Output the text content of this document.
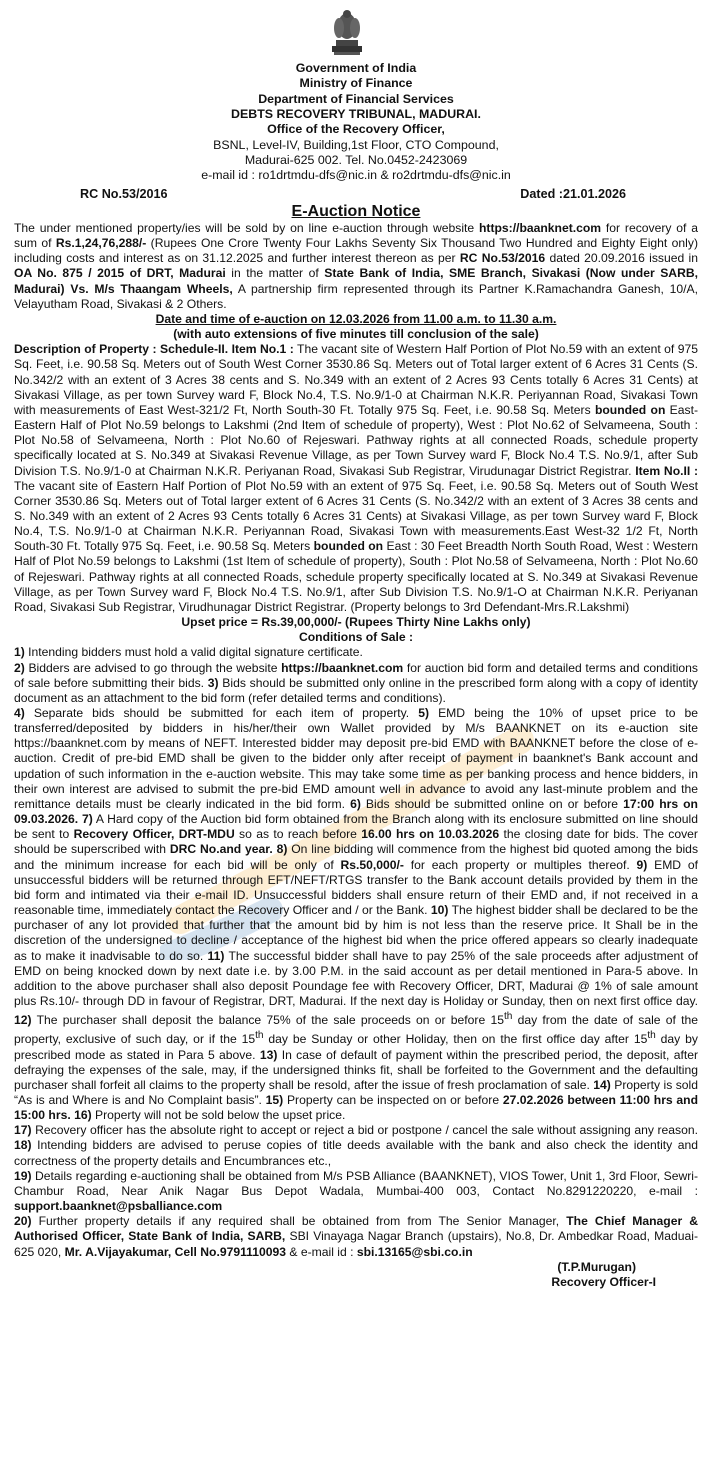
Government of India
Ministry of Finance
Department of Financial Services
DEBTS RECOVERY TRIBUNAL, MADURAI.
Office of the Recovery Officer,
BSNL, Level-IV, Building,1st Floor, CTO Compound,
Madurai-625 002. Tel. No.0452-2423069
e-mail id : ro1drtmdu-dfs@nic.in & ro2drtmdu-dfs@nic.in
RC No.53/2016	Dated :21.01.2026
E-Auction Notice

The under mentioned property/ies will be sold by on line e-auction through website https://baanknet.com for recovery of a sum of Rs.1,24,76,288/- (Rupees One Crore Twenty Four Lakhs Seventy Six Thousand Two Hundred and Eighty Eight only) including costs and interest as on 31.12.2025 and further interest thereon as per RC No.53/2016 dated 20.09.2016 issued in OA No. 875 / 2015 of DRT, Madurai in the matter of State Bank of India, SME Branch, Sivakasi (Now under SARB, Madurai) Vs. M/s Thaangam Wheels, A partnership firm represented through its Partner K.Ramachandra Ganesh, 10/A, Velayutham Road, Sivakasi & 2 Others.

Date and time of e-auction on 12.03.2026 from 11.00 a.m. to 11.30 a.m.

(with auto extensions of five minutes till conclusion of the sale)

Description of Property : Schedule-II. Item No.1 : The vacant site of Western Half Portion of Plot No.59 with an extent of 975 Sq. Feet, i.e. 90.58 Sq. Meters out of South West Corner 3530.86 Sq. Meters out of Total larger extent of 6 Acres 31 Cents (S. No.342/2 with an extent of 3 Acres 38 cents and S. No.349 with an extent of 2 Acres 93 Cents totally 6 Acres 31 Cents) at Sivakasi Village, as per town Survey ward F, Block No.4, T.S. No.9/1-0 at Chairman N.K.R. Periyannan Road, Sivakasi Town with measurements of East West-321/2 Ft, North South-30 Ft. Totally 975 Sq. Feet, i.e. 90.58 Sq. Meters bounded on East-Eastern Half of Plot No.59 belongs to Lakshmi (2nd Item of schedule of property), West : Plot No.62 of Selvameena, South : Plot No.58 of Selvameena, North : Plot No.60 of Rejeswari. Pathway rights at all connected Roads, schedule property specifically located at S. No.349 at Sivakasi Revenue Village, as per Town Survey ward F, Block No.4 T.S. No.9/1, after Sub Division T.S. No.9/1-0 at Chairman N.K.R. Periyanan Road, Sivakasi Sub Registrar, Virudunagar District Registrar. Item No.II : The vacant site of Eastern Half Portion of Plot No.59 with an extent of 975 Sq. Feet, i.e. 90.58 Sq. Meters out of South West Corner 3530.86 Sq. Meters out of Total larger extent of 6 Acres 31 Cents (S. No.342/2 with an extent of 3 Acres 38 cents and S. No.349 with an extent of 2 Acres 93 Cents totally 6 Acres 31 Cents) at Sivakasi Village, as per town Survey ward F, Block No.4, T.S. No.9/1-0 at Chairman N.K.R. Periyannan Road, Sivakasi Town with measurements.East West-32 1/2 Ft, North South-30 Ft. Totally 975 Sq. Feet, i.e. 90.58 Sq. Meters bounded on East : 30 Feet Breadth North South Road, West : Western Half of Plot No.59 belongs to Lakshmi (1st Item of schedule of property), South : Plot No.58 of Selvameena, North : Plot No.60 of Rejeswari. Pathway rights at all connected Roads, schedule property specifically located at S. No.349 at Sivakasi Revenue Village, as per Town Survey ward F, Block No.4 T.S. No.9/1, after Sub Division T.S. No.9/1-O at Chairman N.K.R. Periyanan Road, Sivakasi Sub Registrar, Virudhunagar District Registrar. (Property belongs to 3rd Defendant-Mrs.R.Lakshmi)

Upset price = Rs.39,00,000/- (Rupees Thirty Nine Lakhs only)

Conditions of Sale :

1) Intending bidders must hold a valid digital signature certificate.

2) Bidders are advised to go through the website https://baanknet.com for auction bid form and detailed terms and conditions of sale before submitting their bids. 3) Bids should be submitted only online in the prescribed form along with a copy of identity document as an attachment to the bid form (refer detailed terms and conditions).

4) Separate bids should be submitted for each item of property. 5) EMD being the 10% of upset price to be transferred/deposited by bidders in his/her/their own Wallet provided by M/s BAANKNET on its e-auction site https://baanknet.com by means of NEFT. Interested bidder may deposit pre-bid EMD with BAANKNET before the close of e-auction. Credit of pre-bid EMD shall be given to the bidder only after receipt of payment in baanknet's Bank account and updation of such information in the e-auction website. This may take some time as per banking process and hence bidders, in their own interest are advised to submit the pre-bid EMD amount well in advance to avoid any last-minute problem and the remittance details must be clearly indicated in the bid form. 6) Bids should be submitted online on or before 17:00 hrs on 09.03.2026. 7) A Hard copy of the Auction bid form obtained from the Branch along with its enclosure submitted on line should be sent to Recovery Officer, DRT-MDU so as to reach before 16.00 hrs on 10.03.2026 the closing date for bids. The cover should be superscribed with DRC No.and year. 8) On line bidding will commence from the highest bid quoted among the bids and the minimum increase for each bid will be only of Rs.50,000/- for each property or multiples thereof. 9) EMD of unsuccessful bidders will be returned through EFT/NEFT/RTGS transfer to the Bank account details provided by them in the bid form and intimated via their e-mail ID. Unsuccessful bidders shall ensure return of their EMD and, if not received in a reasonable time, immediately contact the Recovery Officer and / or the Bank. 10) The highest bidder shall be declared to be the purchaser of any lot provided that further that the amount bid by him is not less than the reserve price. It Shall be in the discretion of the undersigned to decline / acceptance of the highest bid when the price offered appears so clearly inadequate as to make it inadvisable to do so. 11) The successful bidder shall have to pay 25% of the sale proceeds after adjustment of EMD on being knocked down by next date i.e. by 3.00 P.M. in the said account as per detail mentioned in Para-5 above. In addition to the above purchaser shall also deposit Poundage fee with Recovery Officer, DRT, Madurai @ 1% of sale amount plus Rs.10/- through DD in favour of Registrar, DRT, Madurai. If the next day is Holiday or Sunday, then on next first office day. 12) The purchaser shall deposit the balance 75% of the sale proceeds on or before 15th day from the date of sale of the property, exclusive of such day, or if the 15th day be Sunday or other Holiday, then on the first office day after 15th day by prescribed mode as stated in Para 5 above. 13) In case of default of payment within the prescribed period, the deposit, after defraying the expenses of the sale, may, if the undersigned thinks fit, shall be forfeited to the Government and the defaulting purchaser shall forfeit all claims to the property shall be resold, after the issue of fresh proclamation of sale. 14) Property is sold “As is and Where is and No Complaint basis”. 15) Property can be inspected on or before 27.02.2026 between 11:00 hrs and 15:00 hrs. 16) Property will not be sold below the upset price.

17) Recovery officer has the absolute right to accept or reject a bid or postpone / cancel the sale without assigning any reason. 18) Intending bidders are advised to peruse copies of title deeds available with the bank and also check the identity and correctness of the property details and Encumbrances etc.,

19) Details regarding e-auctioning shall be obtained from M/s PSB Alliance (BAANKNET), VIOS Tower, Unit 1, 3rd Floor, Sewri-Chambur Road, Near Anik Nagar Bus Depot Wadala, Mumbai-400 003, Contact No.8291220220, e-mail : support.baanknet@psballiance.com

20) Further property details if any required shall be obtained from from The Senior Manager, The Chief Manager & Authorised Officer, State Bank of India, SARB, SBI Vinayaga Nagar Branch (upstairs), No.8, Dr. Ambedkar Road, Maduai-625 020, Mr. A.Vijayakumar, Cell No.9791110093 & e-mail id : sbi.13165@sbi.co.in

(T.P.Murugan)

Recovery Officer-I
